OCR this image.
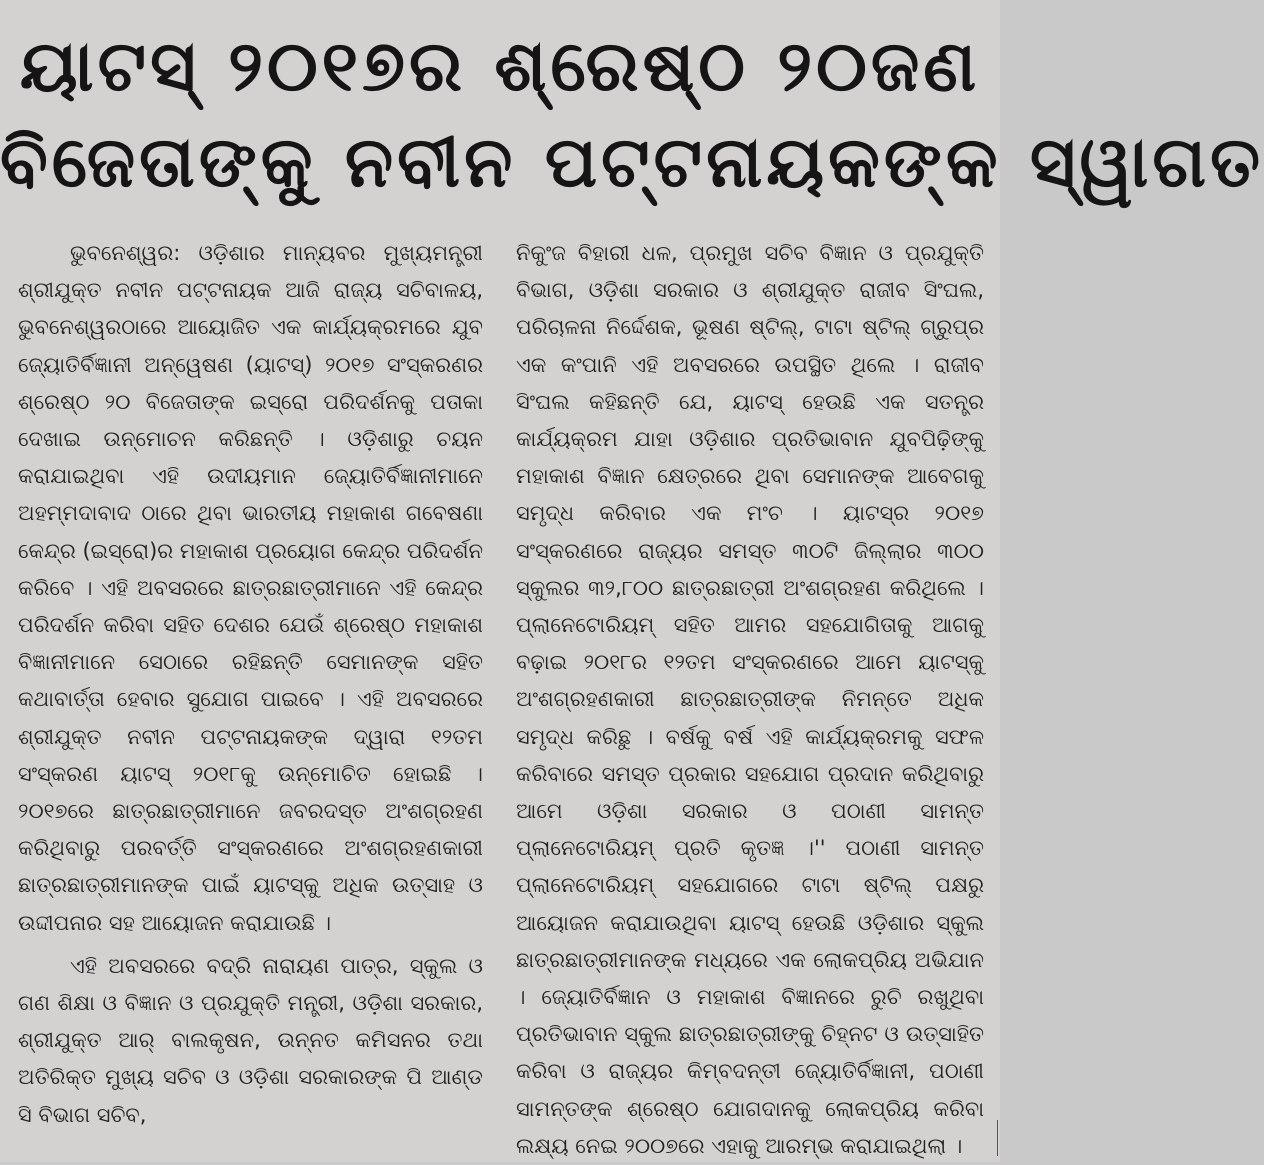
ୟାଟସ୍ ୨୦୧୭ର ଶ୍ରେଷ୍ଠ ୨୦ଜଣ
ବିଜେତାଙ୍କୁ ନବୀନ ପଟ୍ଟନାୟକଙ୍କ ସ୍ୱାଗତ

ଭୁବନେଶ୍ୱର: ଓଡ଼ିଶାର ମାନ୍ୟବର ମୁଖ୍ୟମନ୍ତ୍ରୀ ଶ୍ରୀଯୁକ୍ତ ନବୀନ ପଟ୍ଟନାୟକ ଆଜି ରାଜ୍ୟ ସଚିବାଳୟ, ଭୁବନେଶ୍ୱରଠାରେ ଆୟୋଜିତ ଏକ କାର୍ଯ୍ୟକ୍ରମରେ ଯୁବ ଜ୍ୟୋତିର୍ବିଜ୍ଞାନୀ ଅନ୍ୱେଷଣ (ୟାଟସ୍) ୨୦୧୭ ସଂସ୍କରଣର ଶ୍ରେଷ୍ଠ ୨୦ ବିଜେତାଙ୍କ ଇସ୍ରୋ ପରିଦର୍ଶନକୁ ପତାକା ଦେଖାଇ ଉନ୍ମୋଚନ କରିଛନ୍ତି । ଓଡ଼ିଶାରୁ ଚୟନ କରାଯାଇଥିବା ଏହି ଉଦୀୟମାନ ଜ୍ୟୋତିର୍ବିଜ୍ଞାନୀମାନେ ଅହମ୍ମଦାବାଦ ଠାରେ ଥିବା ଭାରତୀୟ ମହାକାଶ ଗବେଷଣା କେନ୍ଦ୍ର (ଇସ୍ରୋ)ର ମହାକାଶ ପ୍ରୟୋଗ କେନ୍ଦ୍ର ପରିଦର୍ଶନ କରିବେ । ଏହି ଅବସରରେ ଛାତ୍ରଛାତ୍ରୀମାନେ ଏହି କେନ୍ଦ୍ର ପରିଦର୍ଶନ କରିବା ସହିତ ଦେଶର ଯେଉଁ ଶ୍ରେଷ୍ଠ ମହାକାଶ ବିଜ୍ଞାନୀମାନେ ସେଠାରେ ରହିଛନ୍ତି ସେମାନଙ୍କ ସହିତ କଥାବାର୍ତ୍ତା ହେବାର ସୁଯୋଗ ପାଇବେ । ଏହି ଅବସରରେ ଶ୍ରୀଯୁକ୍ତ ନବୀନ ପଟ୍ଟନାୟକଙ୍କ ଦ୍ୱାରା ୧୨ତମ ସଂସ୍କରଣ ୟାଟସ୍ ୨୦୧୮କୁ ଉନ୍ମୋଚିତ ହୋଇଛି । ୨୦୧୭ରେ ଛାତ୍ରଛାତ୍ରୀମାନେ ଜବରଦସ୍ତ ଅଂଶଗ୍ରହଣ କରିଥିବାରୁ ପରବର୍ତ୍ତି ସଂସ୍କରଣରେ ଅଂଶଗ୍ରହଣକାରୀ ଛାତ୍ରଛାତ୍ରୀମାନଙ୍କ ପାଇଁ ୟାଟସ୍‌କୁ ଅଧିକ ଉତ୍ସାହ ଓ ଉଦ୍ଦୀପନାର ସହ ଆୟୋଜନ କରାଯାଉଛି ।

ଏହି ଅବସରରେ ବଦ୍ରି ନାରାୟଣ ପାତ୍ର, ସ୍କୁଲ ଓ ଗଣ ଶିକ୍ଷା ଓ ବିଜ୍ଞାନ ଓ ପ୍ରଯୁକ୍ତି ମନ୍ତ୍ରୀ, ଓଡ଼ିଶା ସରକାର, ଶ୍ରୀଯୁକ୍ତ ଆର୍ ବାଲକୃଷନ, ଉନ୍ନତ କମିସନର ତଥା ଅତିରିକ୍ତ ମୁଖ୍ୟ ସଚିବ ଓ ଓଡ଼ିଶା ସରକାରଙ୍କ ପି ଆଣ୍ଡ ସି ବିଭାଗ ସଚିବ,

ନିକୁଂଜ ବିହାରୀ ଧଳ, ପ୍ରମୁଖ ସଚିବ ବିଜ୍ଞାନ ଓ ପ୍ରଯୁକ୍ତି ବିଭାଗ, ଓଡ଼ିଶା ସରକାର ଓ ଶ୍ରୀଯୁକ୍ତ ରାଜୀବ ସିଂଘଲ, ପରିଚାଳନା ନିର୍ଦ୍ଦେଶକ, ଭୂଷଣ ଷ୍ଟିଲ୍, ଟାଟା ଷ୍ଟିଲ୍ ଗ୍ରୁପ୍‌ର ଏକ କଂପାନି ଏହି ଅବସରରେ ଉପସ୍ଥିତ ଥିଲେ । ରାଜୀବ ସିଂଘଲ କହିଛନ୍ତି ଯେ, ୟାଟସ୍ ହେଉଛି ଏକ ସତନ୍ତ୍ର କାର୍ଯ୍ୟକ୍ରମ ଯାହା ଓଡ଼ିଶାର ପ୍ରତିଭାବାନ ଯୁବପିଢ଼ିଙ୍କୁ ମହାକାଶ ବିଜ୍ଞାନ କ୍ଷେତ୍ରରେ ଥିବା ସେମାନଙ୍କ ଆବେଗକୁ ସମୃଦ୍ଧ କରିବାର ଏକ ମଂଚ । ୟାଟସ୍‌ର ୨୦୧୭ ସଂସ୍କରଣରେ ରାଜ୍ୟର ସମସ୍ତ ୩୦ଟି ଜିଲ୍ଲାର ୩୦୦ ସ୍କୁଲର ୩୨,୮୦୦ ଛାତ୍ରଛାତ୍ରୀ ଅଂଶଗ୍ରହଣ କରିଥିଲେ । ପ୍ଲାନେଟୋରିୟମ୍ ସହିତ ଆମର ସହଯୋଗିତାକୁ ଆଗକୁ ବଢ଼ାଇ ୨୦୧୮ର ୧୨ତମ ସଂସ୍କରଣରେ ଆମେ ୟାଟସ୍‌କୁ ଅଂଶଗ୍ରହଣକାରୀ ଛାତ୍ରଛାତ୍ରୀଙ୍କ ନିମନ୍ତେ ଅଧିକ ସମୃଦ୍ଧ କରିଛୁ । ବର୍ଷକୁ ବର୍ଷ ଏହି କାର୍ଯ୍ୟକ୍ରମକୁ ସଫଳ କରିବାରେ ସମସ୍ତ ପ୍ରକାର ସହଯୋଗ ପ୍ରଦାନ କରିଥିବାରୁ ଆମେ ଓଡ଼ିଶା ସରକାର ଓ ପଠାଣୀ ସାମନ୍ତ ପ୍ଲାନେଟୋରିୟମ୍ ପ୍ରତି କୃତଜ୍ଞ ।'' ପଠାଣୀ ସାମନ୍ତ ପ୍ଲାନେଟୋରିୟମ୍ ସହଯୋଗରେ ଟାଟା ଷ୍ଟିଲ୍ ପକ୍ଷରୁ ଆୟୋଜନ କରାଯାଉଥିବା ୟାଟସ୍ ହେଉଛି ଓଡ଼ିଶାର ସ୍କୁଲ ଛାତ୍ରଛାତ୍ରୀମାନଙ୍କ ମଧ୍ୟରେ ଏକ ଲୋକପ୍ରିୟ ଅଭିଯାନ । ଜ୍ୟୋତିର୍ବିଜ୍ଞାନ ଓ ମହାକାଶ ବିଜ୍ଞାନରେ ରୁଚି ରଖୁଥିବା ପ୍ରତିଭାବାନ ସ୍କୁଲ ଛାତ୍ରଛାତ୍ରୀଙ୍କୁ ଚିହ୍ନଟ ଓ ଉତ୍ସାହିତ କରିବା ଓ ରାଜ୍ୟର କିମ୍ବଦନ୍ତୀ ଜ୍ୟୋତିର୍ବିଜ୍ଞାନୀ, ପଠାଣୀ ସାମନ୍ତଙ୍କ ଶ୍ରେଷ୍ଠ ଯୋଗଦାନକୁ ଲୋକପ୍ରିୟ କରିବା ଲକ୍ଷ୍ୟ ନେଇ ୨୦୦୭ରେ ଏହାକୁ ଆରମ୍ଭ କରାଯାଇଥିଲା ।
